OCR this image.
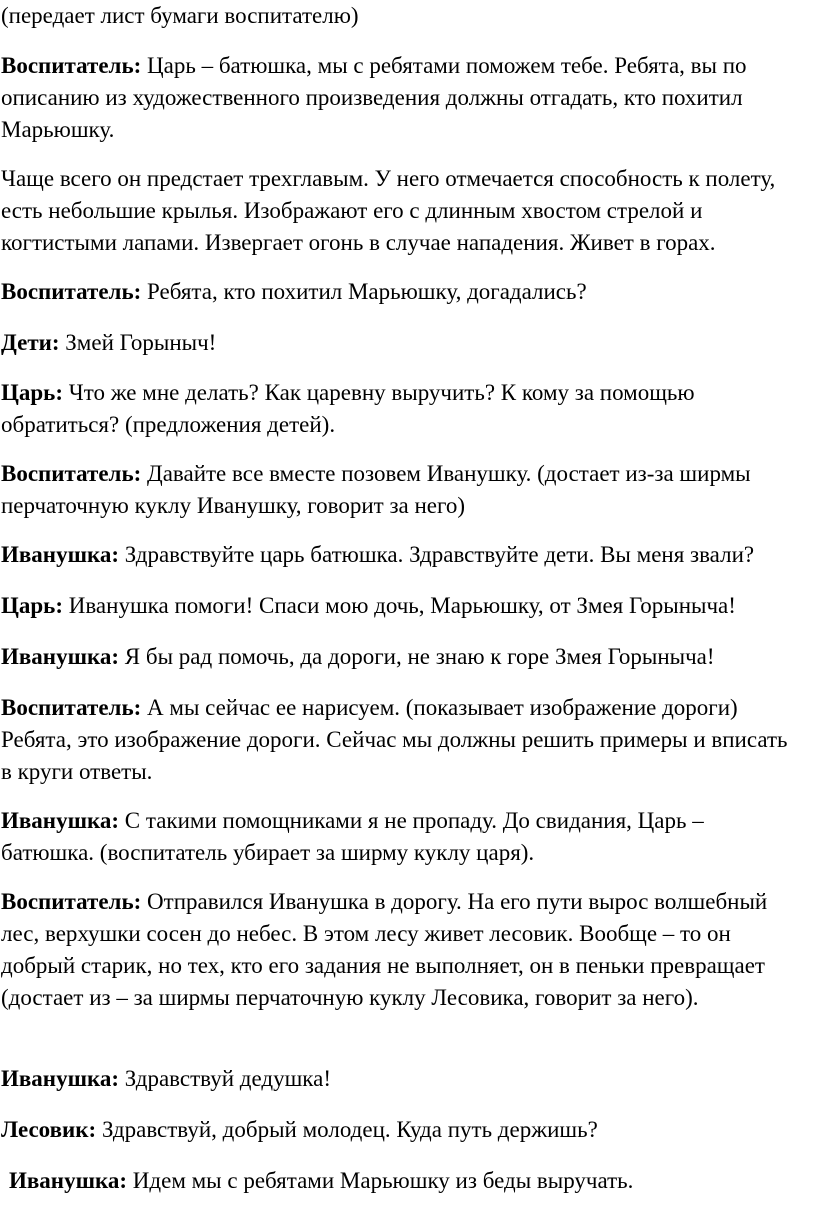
(передает лист бумаги воспитателю)

Воспитатель: Царь – батюшка, мы с ребятами поможем тебе. Ребята, вы по описанию из художественного произведения должны отгадать, кто похитил Марьюшку.

Чаще всего он предстает трехглавым. У него отмечается способность к полету, есть небольшие крылья. Изображают его с длинным хвостом стрелой и когтистыми лапами. Извергает огонь в случае нападения. Живет в горах.

Воспитатель: Ребята, кто похитил Марьюшку, догадались?

Дети: Змей Горыныч!

Царь: Что же мне делать? Как царевну выручить? К кому за помощью обратиться? (предложения детей).

Воспитатель: Давайте все вместе позовем Иванушку. (достает из-за ширмы перчаточную куклу Иванушку, говорит за него)

Иванушка: Здравствуйте царь батюшка. Здравствуйте дети. Вы меня звали?

Царь: Иванушка помоги! Спаси мою дочь, Марьюшку, от Змея Горыныча!

Иванушка: Я бы рад помочь, да дороги, не знаю к горе Змея Горыныча!

Воспитатель: А мы сейчас ее нарисуем. (показывает изображение дороги) Ребята, это изображение дороги. Сейчас мы должны решить примеры и вписать в круги ответы.

Иванушка: С такими помощниками я не пропаду. До свидания, Царь – батюшка. (воспитатель убирает за ширму куклу царя).

Воспитатель: Отправился Иванушка в дорогу. На его пути вырос волшебный лес, верхушки сосен до небес. В этом лесу живет лесовик. Вообще – то он добрый старик, но тех, кто его задания не выполняет, он в пеньки превращает (достает из – за ширмы перчаточную куклу Лесовика, говорит за него).

Иванушка: Здравствуй дедушка!

Лесовик: Здравствуй, добрый молодец. Куда путь держишь?

Иванушка: Идем мы с ребятами Марьюшку из беды выручать.
